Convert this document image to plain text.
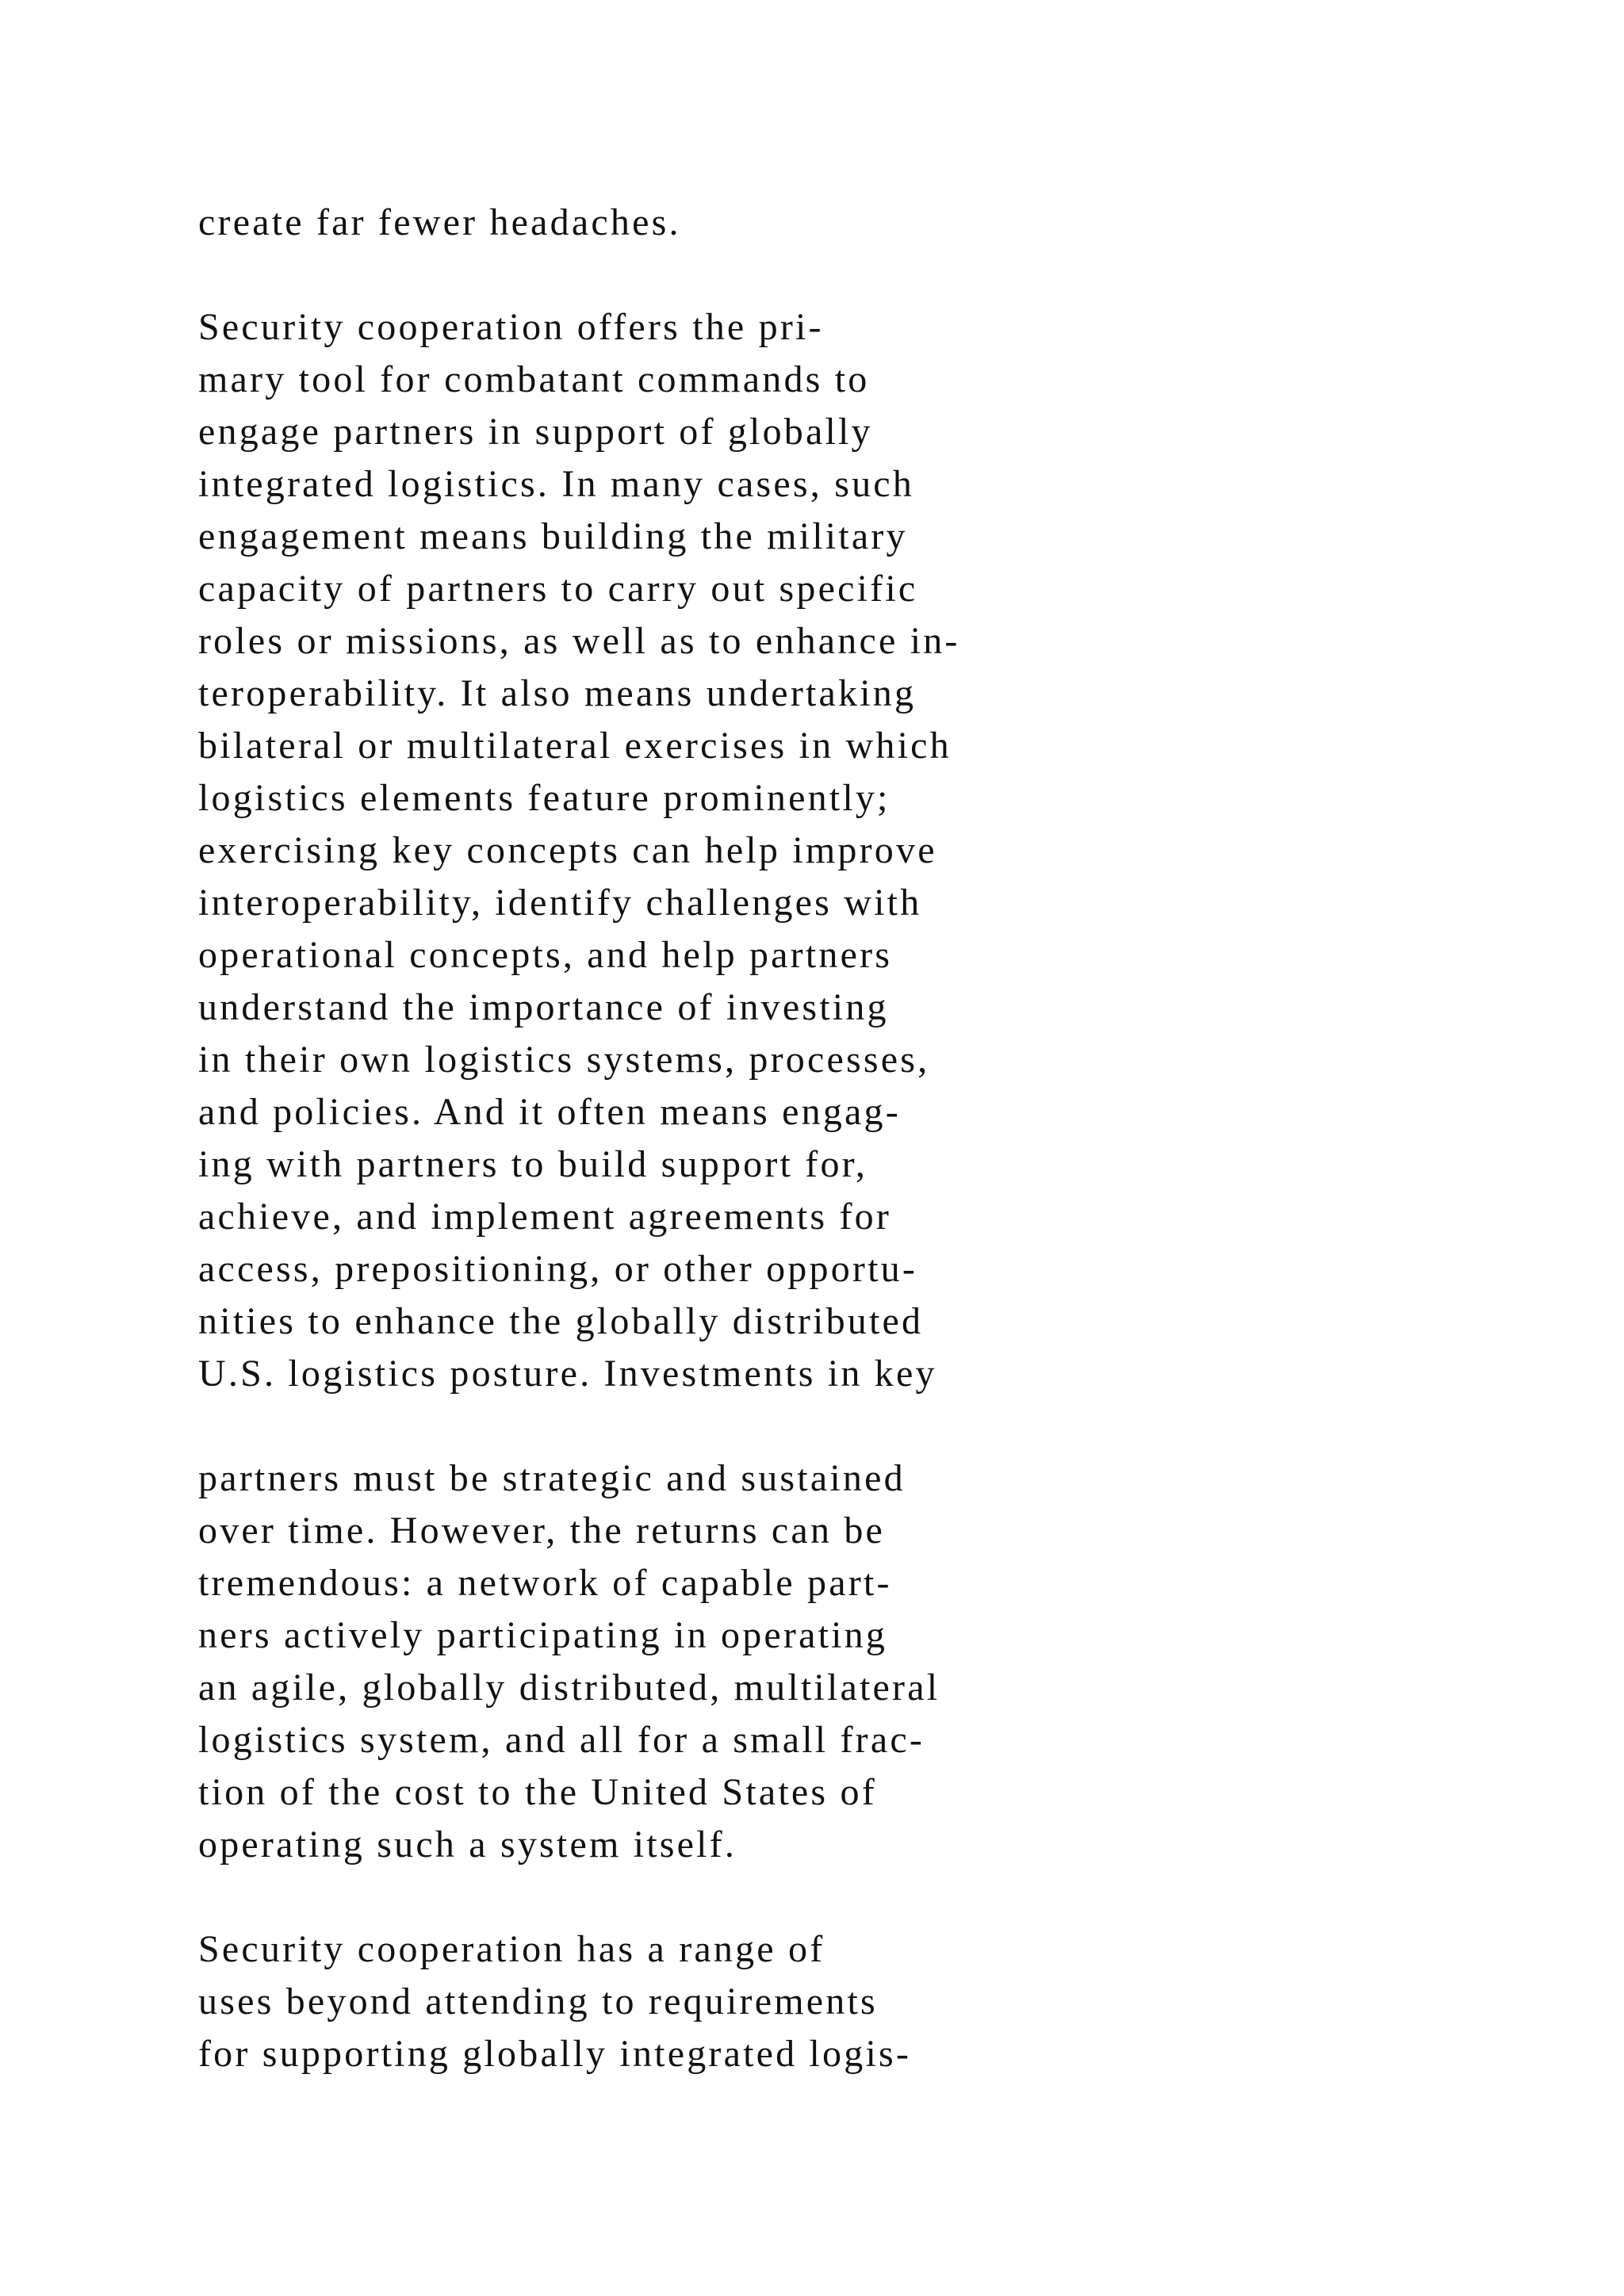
create far fewer headaches.
Security cooperation offers the pri-
mary tool for combatant commands to
engage partners in support of globally
integrated logistics. In many cases, such
engagement means building the military
capacity of partners to carry out specific
roles or missions, as well as to enhance in-
teroperability. It also means undertaking
bilateral or multilateral exercises in which
logistics elements feature prominently;
exercising key concepts can help improve
interoperability, identify challenges with
operational concepts, and help partners
understand the importance of investing
in their own logistics systems, processes,
and policies. And it often means engag-
ing with partners to build support for,
achieve, and implement agreements for
access, prepositioning, or other opportu-
nities to enhance the globally distributed
U.S. logistics posture. Investments in key
partners must be strategic and sustained
over time. However, the returns can be
tremendous: a network of capable part-
ners actively participating in operating
an agile, globally distributed, multilateral
logistics system, and all for a small frac-
tion of the cost to the United States of
operating such a system itself.
Security cooperation has a range of
uses beyond attending to requirements
for supporting globally integrated logis-
